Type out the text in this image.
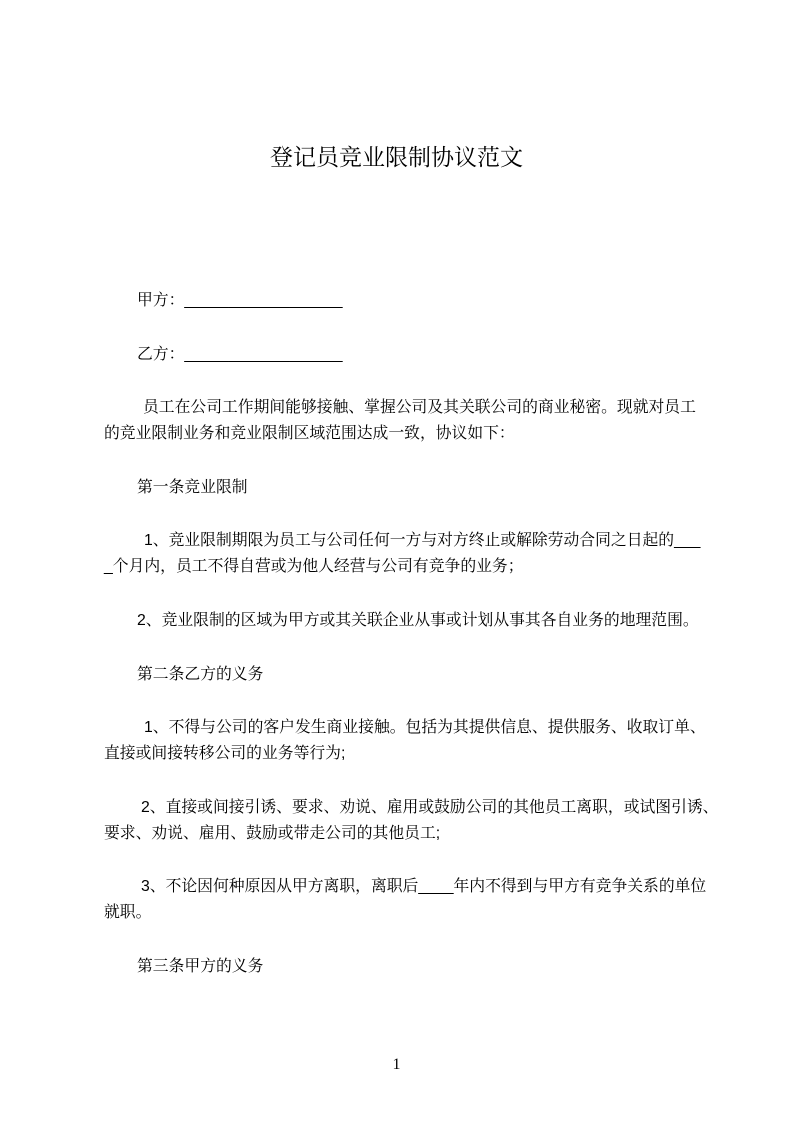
登记员竞业限制协议范文

甲方：__________________

乙方：__________________

员工在公司工作期间能够接触、掌握公司及其关联公司的商业秘密。现就对员工
的竞业限制业务和竞业限制区域范围达成一致，协议如下：

第一条竞业限制

1、竞业限制期限为员工与公司任何一方与对方终止或解除劳动合同之日起的___
_个月内，员工不得自营或为他人经营与公司有竞争的业务；

2、竞业限制的区域为甲方或其关联企业从事或计划从事其各自业务的地理范围。

第二条乙方的义务

1、不得与公司的客户发生商业接触。包括为其提供信息、提供服务、收取订单、
直接或间接转移公司的业务等行为;

2、直接或间接引诱、要求、劝说、雇用或鼓励公司的其他员工离职，或试图引诱、
要求、劝说、雇用、鼓励或带走公司的其他员工;

3、不论因何种原因从甲方离职，离职后____年内不得到与甲方有竞争关系的单位
就职。

第三条甲方的义务

1
